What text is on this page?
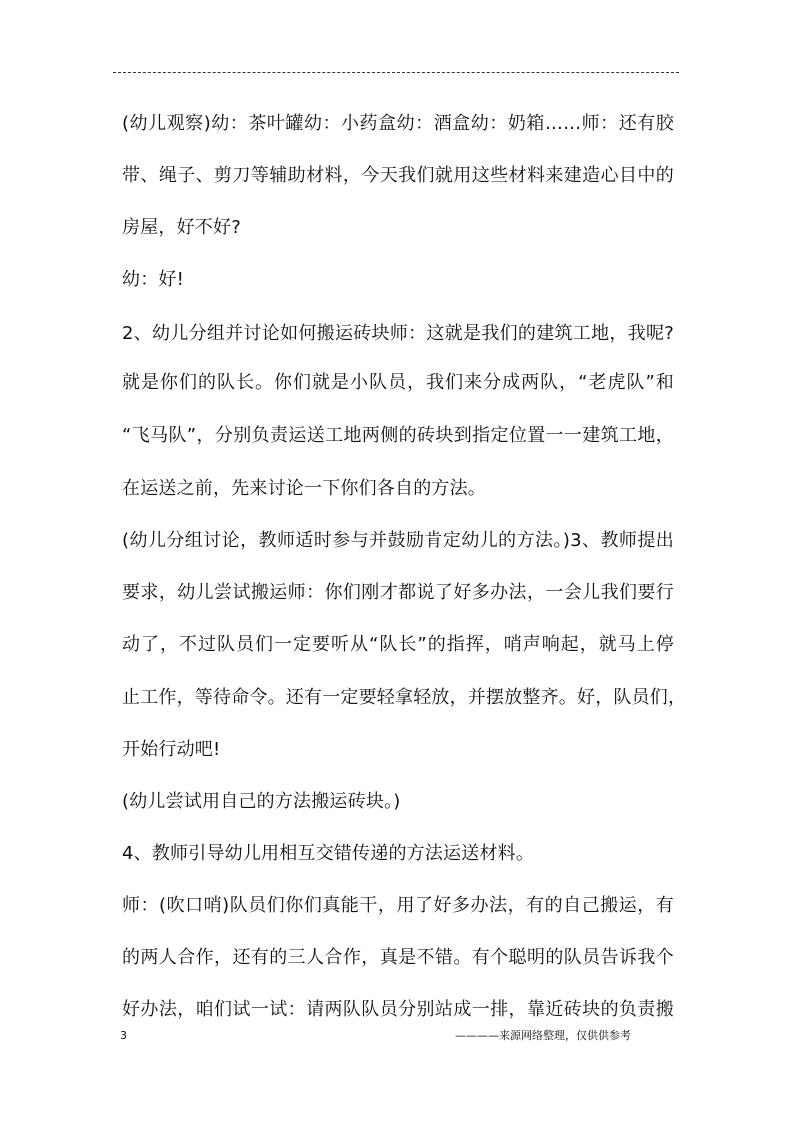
(幼儿观察)幼：茶叶罐幼：小药盒幼：酒盒幼：奶箱……师：还有胶
带、绳子、剪刀等辅助材料，今天我们就用这些材料来建造心目中的
房屋，好不好?
幼：好!
2、幼儿分组并讨论如何搬运砖块师：这就是我们的建筑工地，我呢?
就是你们的队长。你们就是小队员，我们来分成两队，“老虎队”和
“飞马队”，分别负责运送工地两侧的砖块到指定位置一一建筑工地，
在运送之前，先来讨论一下你们各自的方法。
(幼儿分组讨论，教师适时参与并鼓励肯定幼儿的方法。)3、教师提出
要求，幼儿尝试搬运师：你们刚才都说了好多办法，一会儿我们要行
动了，不过队员们一定要听从“队长”的指挥，哨声响起，就马上停
止工作，等待命令。还有一定要轻拿轻放，并摆放整齐。好，队员们，
开始行动吧!
(幼儿尝试用自己的方法搬运砖块。)
4、教师引导幼儿用相互交错传递的方法运送材料。
师：(吹口哨)队员们你们真能干，用了好多办法，有的自己搬运，有
的两人合作，还有的三人合作，真是不错。有个聪明的队员告诉我个
好办法，咱们试一试：请两队队员分别站成一排，靠近砖块的负责搬
3	————来源网络整理，仅供供参考
